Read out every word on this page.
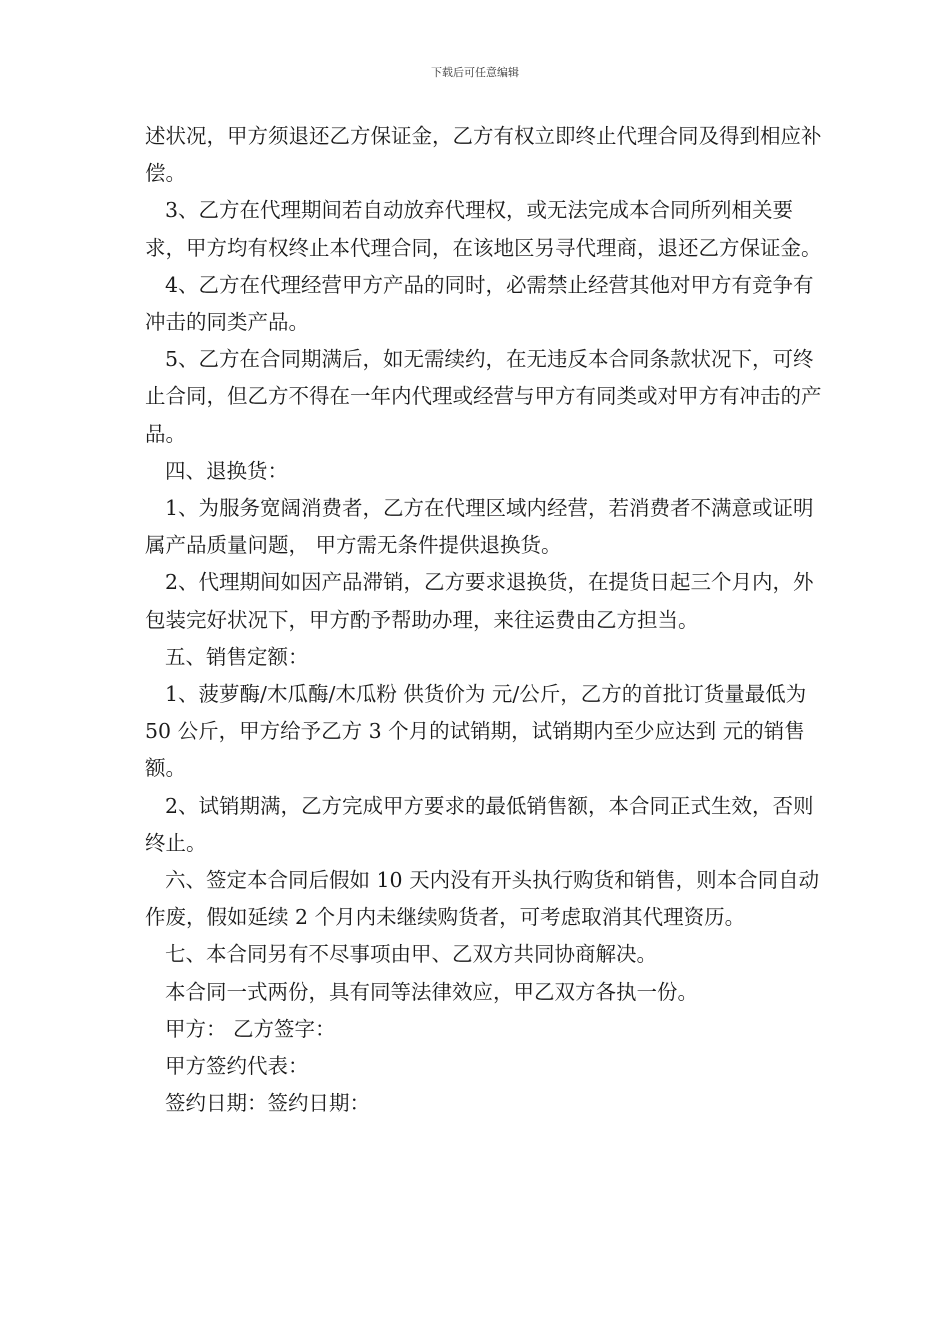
下载后可任意编辑

述状况，甲方须退还乙方保证金，乙方有权立即终止代理合同及得到相应补偿。

3、乙方在代理期间若自动放弃代理权，或无法完成本合同所列相关要求，甲方均有权终止本代理合同，在该地区另寻代理商，退还乙方保证金。

4、乙方在代理经营甲方产品的同时，必需禁止经营其他对甲方有竞争有冲击的同类产品。

5、乙方在合同期满后，如无需续约，在无违反本合同条款状况下，可终止合同，但乙方不得在一年内代理或经营与甲方有同类或对甲方有冲击的产品。

四、退换货：

1、为服务宽阔消费者，乙方在代理区域内经营，若消费者不满意或证明属产品质量问题， 甲方需无条件提供退换货。

2、代理期间如因产品滞销，乙方要求退换货，在提货日起三个月内，外包装完好状况下，甲方酌予帮助办理，来往运费由乙方担当。

五、销售定额：

1、菠萝酶/木瓜酶/木瓜粉 供货价为 元/公斤，乙方的首批订货量最低为 50 公斤，甲方给予乙方 3 个月的试销期，试销期内至少应达到 元的销售额。

2、试销期满，乙方完成甲方要求的最低销售额，本合同正式生效，否则终止。

六、签定本合同后假如 10 天内没有开头执行购货和销售，则本合同自动作废，假如延续 2 个月内未继续购货者，可考虑取消其代理资历。

七、本合同另有不尽事项由甲、乙双方共同协商解决。

本合同一式两份，具有同等法律效应，甲乙双方各执一份。

甲方： 乙方签字：

甲方签约代表：

签约日期：签约日期：
